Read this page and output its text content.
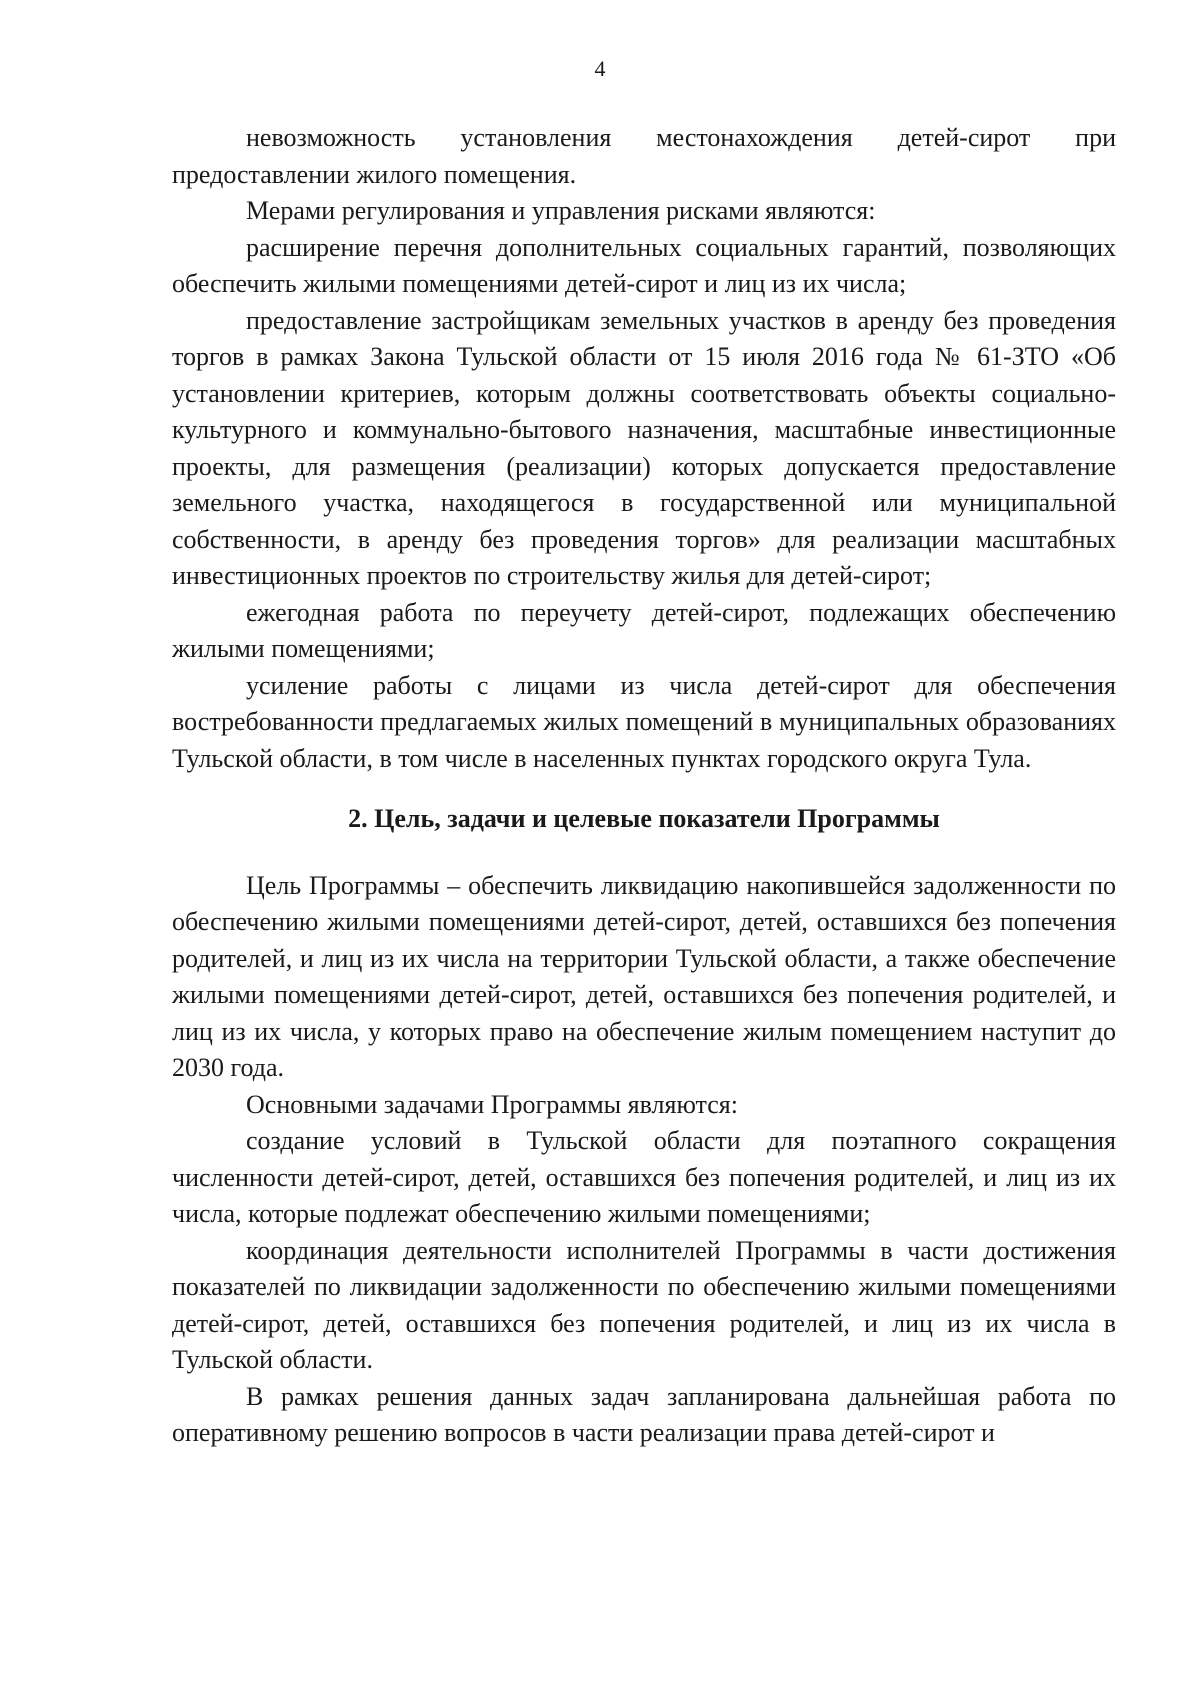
4

невозможность установления местонахождения детей-сирот при предоставлении жилого помещения.

Мерами регулирования и управления рисками являются:

расширение перечня дополнительных социальных гарантий, позволяющих обеспечить жилыми помещениями детей-сирот и лиц из их числа;

предоставление застройщикам земельных участков в аренду без проведения торгов в рамках Закона Тульской области от 15 июля 2016 года № 61-ЗТО «Об установлении критериев, которым должны соответствовать объекты социально-культурного и коммунально-бытового назначения, масштабные инвестиционные проекты, для размещения (реализации) которых допускается предоставление земельного участка, находящегося в государственной или муниципальной собственности, в аренду без проведения торгов» для реализации масштабных инвестиционных проектов по строительству жилья для детей-сирот;

ежегодная работа по переучету детей-сирот, подлежащих обеспечению жилыми помещениями;

усиление работы с лицами из числа детей-сирот для обеспечения востребованности предлагаемых жилых помещений в муниципальных образованиях Тульской области, в том числе в населенных пунктах городского округа Тула.

2. Цель, задачи и целевые показатели Программы

Цель Программы – обеспечить ликвидацию накопившейся задолженности по обеспечению жилыми помещениями детей-сирот, детей, оставшихся без попечения родителей, и лиц из их числа на территории Тульской области, а также обеспечение жилыми помещениями детей-сирот, детей, оставшихся без попечения родителей, и лиц из их числа, у которых право на обеспечение жилым помещением наступит до 2030 года.

Основными задачами Программы являются:

создание условий в Тульской области для поэтапного сокращения численности детей-сирот, детей, оставшихся без попечения родителей, и лиц из их числа, которые подлежат обеспечению жилыми помещениями;

координация деятельности исполнителей Программы в части достижения показателей по ликвидации задолженности по обеспечению жилыми помещениями детей-сирот, детей, оставшихся без попечения родителей, и лиц из их числа в Тульской области.

В рамках решения данных задач запланирована дальнейшая работа по оперативному решению вопросов в части реализации права детей-сирот и
